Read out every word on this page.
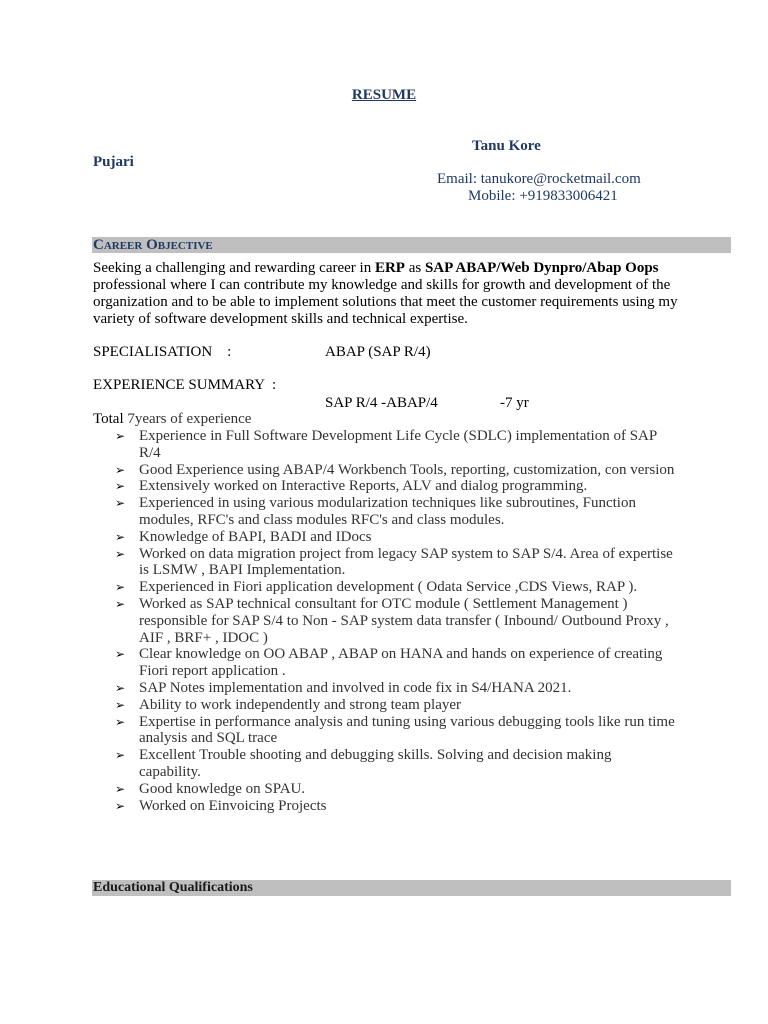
RESUME
Tanu Kore
Pujari
Email: tanukore@rocketmail.com
Mobile: +919833006421
Career Objective
Seeking a challenging and rewarding career in ERP as SAP ABAP/Web Dynpro/Abap Oops professional where I can contribute my knowledge and skills for growth and development of the organization and to be able to implement solutions that meet the customer requirements using my variety of software development skills and technical expertise.
SPECIALISATION    :	ABAP (SAP R/4)
EXPERIENCE SUMMARY  :
SAP R/4 -ABAP/4	-7 yr
Total 7years of experience
➢ Experience in Full Software Development Life Cycle (SDLC) implementation of SAP R/4
➢ Good Experience using ABAP/4 Workbench Tools, reporting, customization, con version
➢ Extensively worked on Interactive Reports, ALV and dialog programming.
➢ Experienced in using various modularization techniques like subroutines, Function modules, RFC's and class modules RFC's and class modules.
➢ Knowledge of BAPI, BADI and IDocs
➢ Worked on data migration project from legacy SAP system to SAP S/4. Area of expertise is LSMW , BAPI Implementation.
➢ Experienced in Fiori application development ( Odata Service ,CDS Views, RAP ).
➢ Worked as SAP technical consultant for OTC module ( Settlement Management ) responsible for SAP S/4 to Non - SAP system data transfer ( Inbound/ Outbound Proxy , AIF , BRF+ , IDOC )
➢ Clear knowledge on OO ABAP , ABAP on HANA and hands on experience of creating Fiori report application .
➢ SAP Notes implementation and involved in code fix in S4/HANA 2021.
➢ Ability to work independently and strong team player
➢ Expertise in performance analysis and tuning using various debugging tools like run time analysis and SQL trace
➢ Excellent Trouble shooting and debugging skills. Solving and decision making capability.
➢ Good knowledge on SPAU.
➢ Worked on Einvoicing Projects
Educational Qualifications
